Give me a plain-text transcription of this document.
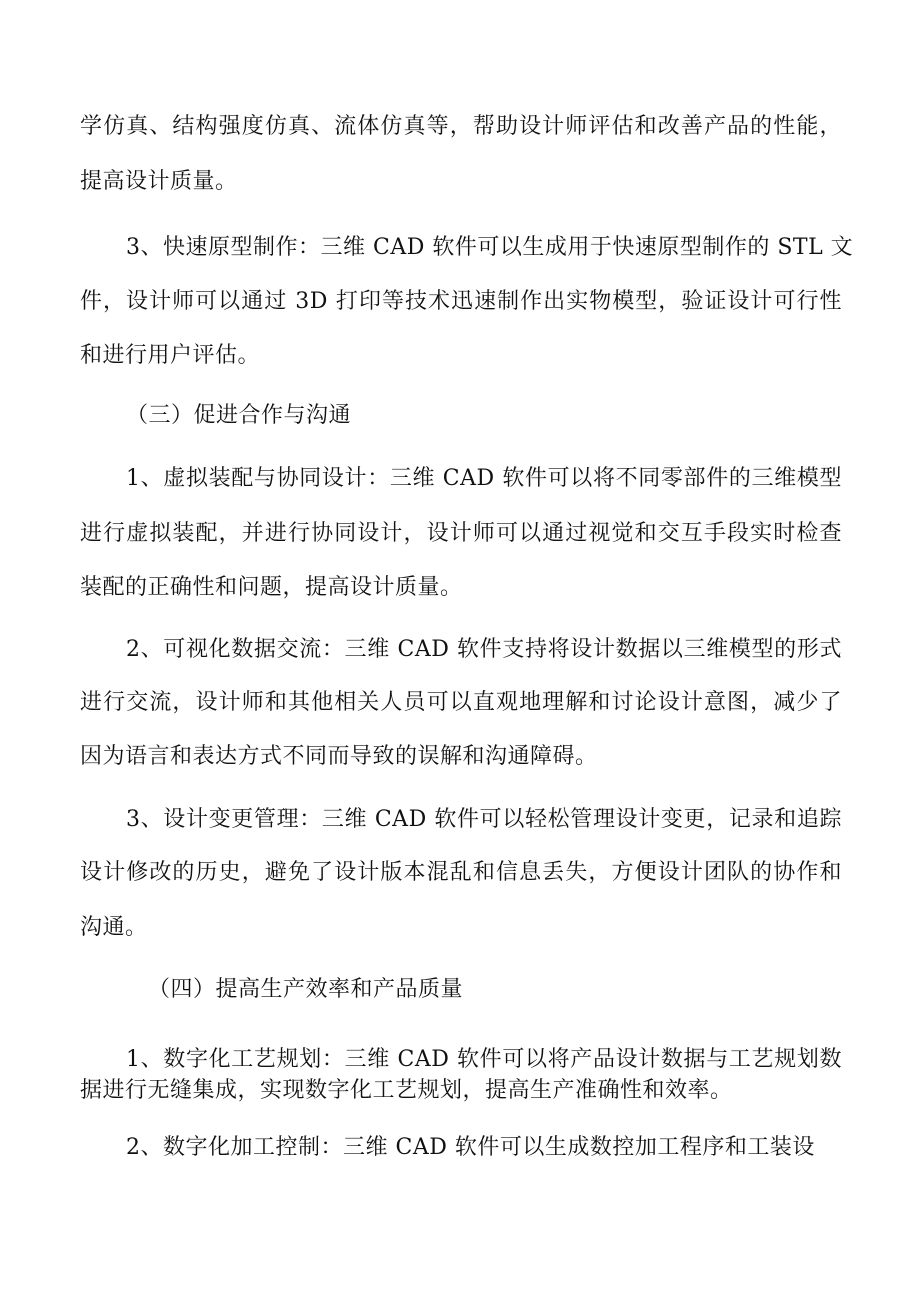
学仿真、结构强度仿真、流体仿真等，帮助设计师评估和改善产品的性能，
提高设计质量。
3、快速原型制作：三维 CAD 软件可以生成用于快速原型制作的 STL 文
件，设计师可以通过 3D 打印等技术迅速制作出实物模型，验证设计可行性
和进行用户评估。
（三）促进合作与沟通
1、虚拟装配与协同设计：三维 CAD 软件可以将不同零部件的三维模型
进行虚拟装配，并进行协同设计，设计师可以通过视觉和交互手段实时检查
装配的正确性和问题，提高设计质量。
2、可视化数据交流：三维 CAD 软件支持将设计数据以三维模型的形式
进行交流，设计师和其他相关人员可以直观地理解和讨论设计意图，减少了
因为语言和表达方式不同而导致的误解和沟通障碍。
3、设计变更管理：三维 CAD 软件可以轻松管理设计变更，记录和追踪
设计修改的历史，避免了设计版本混乱和信息丢失，方便设计团队的协作和
沟通。
（四）提高生产效率和产品质量
1、数字化工艺规划：三维 CAD 软件可以将产品设计数据与工艺规划数
据进行无缝集成，实现数字化工艺规划，提高生产准确性和效率。
2、数字化加工控制：三维 CAD 软件可以生成数控加工程序和工装设
